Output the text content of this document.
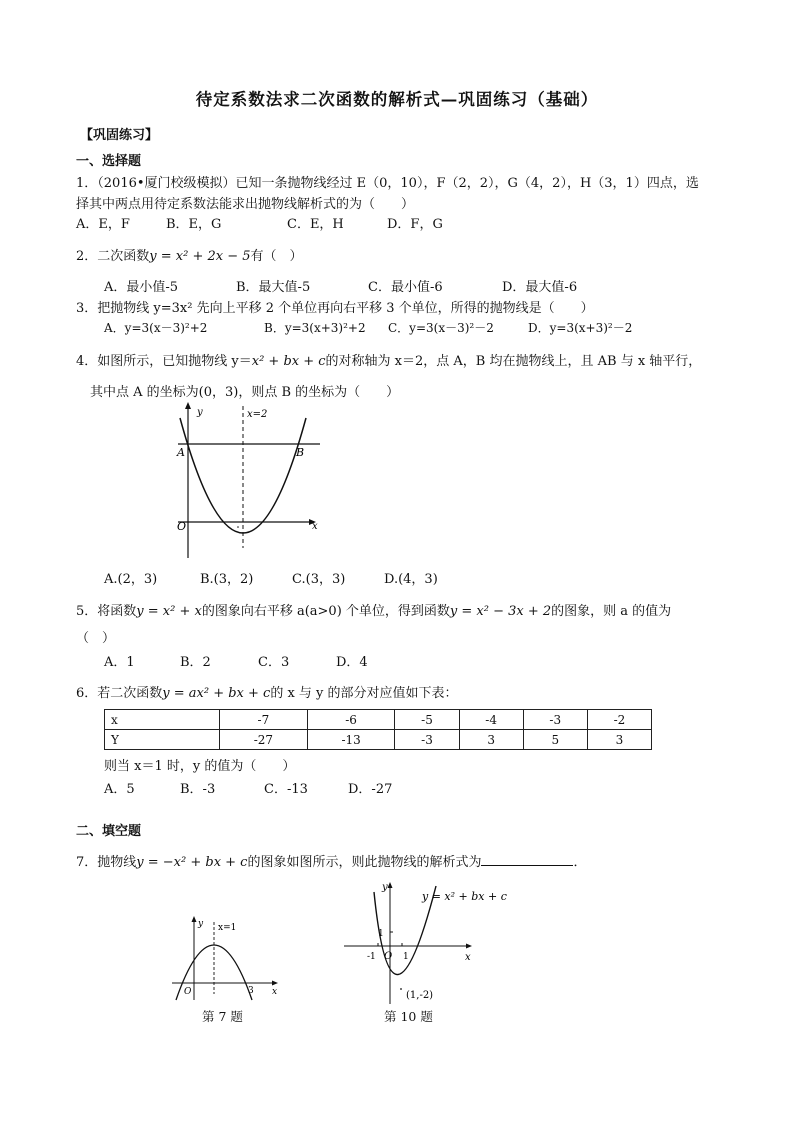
待定系数法求二次函数的解析式—巩固练习（基础）
【巩固练习】
一、选择题
1．（2016•厦门校级模拟）已知一条抛物线经过 E（0，10），F（2，2），G（4，2），H（3，1）四点，选
择其中两点用待定系数法能求出抛物线解析式的为（　　）
A．E，F	B．E，G	C．E，H	D．F，G
2．二次函数y = x² + 2x − 5有（　）
A．最小值-5	B．最大值-5	C．最小值-6	D．最大值-6
3．把抛物线 y=3x² 先向上平移 2 个单位再向右平移 3 个单位，所得的抛物线是（　　）
A．y=3(x－3)²+2	B．y=3(x+3)²+2 C．y=3(x－3)²－2	D．y=3(x+3)²－2
4．如图所示，已知抛物线 y＝x² + bx + c的对称轴为 x＝2，点 A，B 均在抛物线上，且 AB 与 x 轴平行，
其中点 A 的坐标为(0，3)，则点 B 的坐标为（　　）
y	x=2
A	B
O	x
A.(2，3)	B.(3，2)	C.(3，3)	D.(4，3)
5．将函数y = x² + x的图象向右平移 a(a>0) 个单位，得到函数y = x² − 3x + 2的图象，则 a 的值为
（　）
A．1	B．2	C．3	D．4
6．若二次函数y = ax² + bx + c的 x 与 y 的部分对应值如下表：
x	-7	-6	-5	-4	-3	-2
Y	-27	-13	-3	3	5	3
则当 x＝1 时，y 的值为（　　）
A．5	B．-3	C．-13	D．-27
二、填空题
7．抛物线y = −x² + bx + c的图象如图所示，则此抛物线的解析式为	．
y x=1
O	3 x
第 7 题
y
y = x² + bx + c
1
-1 O 1	x
(1,-2)
第 10 题
